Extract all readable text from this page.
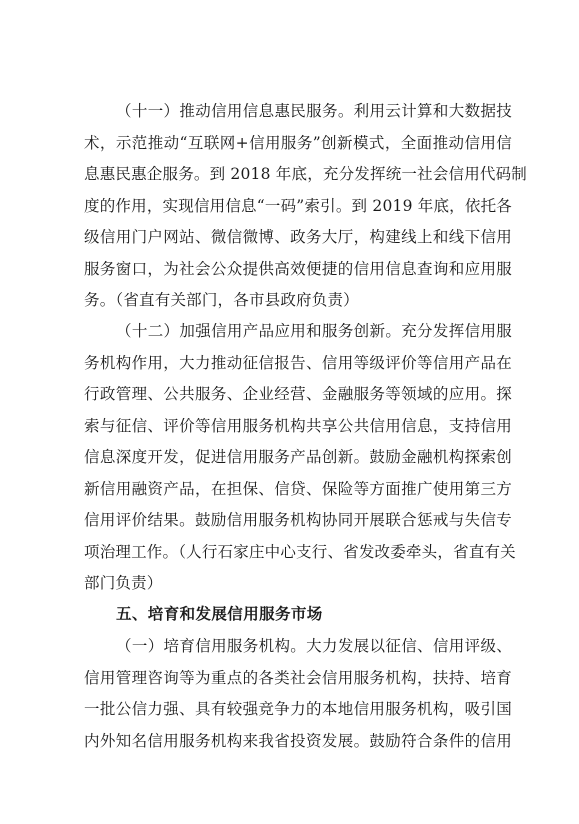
（十一）推动信用信息惠民服务。利用云计算和大数据技
术，示范推动“互联网+信用服务”创新模式，全面推动信用信
息惠民惠企服务。到 2018 年底，充分发挥统一社会信用代码制
度的作用，实现信用信息“一码”索引。到 2019 年底，依托各
级信用门户网站、微信微博、政务大厅，构建线上和线下信用
服务窗口，为社会公众提供高效便捷的信用信息查询和应用服
务。（省直有关部门，各市县政府负责）
（十二）加强信用产品应用和服务创新。充分发挥信用服
务机构作用，大力推动征信报告、信用等级评价等信用产品在
行政管理、公共服务、企业经营、金融服务等领域的应用。探
索与征信、评价等信用服务机构共享公共信用信息，支持信用
信息深度开发，促进信用服务产品创新。鼓励金融机构探索创
新信用融资产品，在担保、信贷、保险等方面推广使用第三方
信用评价结果。鼓励信用服务机构协同开展联合惩戒与失信专
项治理工作。（人行石家庄中心支行、省发改委牵头，省直有关
部门负责）
五、培育和发展信用服务市场
（一）培育信用服务机构。大力发展以征信、信用评级、
信用管理咨询等为重点的各类社会信用服务机构，扶持、培育
一批公信力强、具有较强竞争力的本地信用服务机构，吸引国
内外知名信用服务机构来我省投资发展。鼓励符合条件的信用
